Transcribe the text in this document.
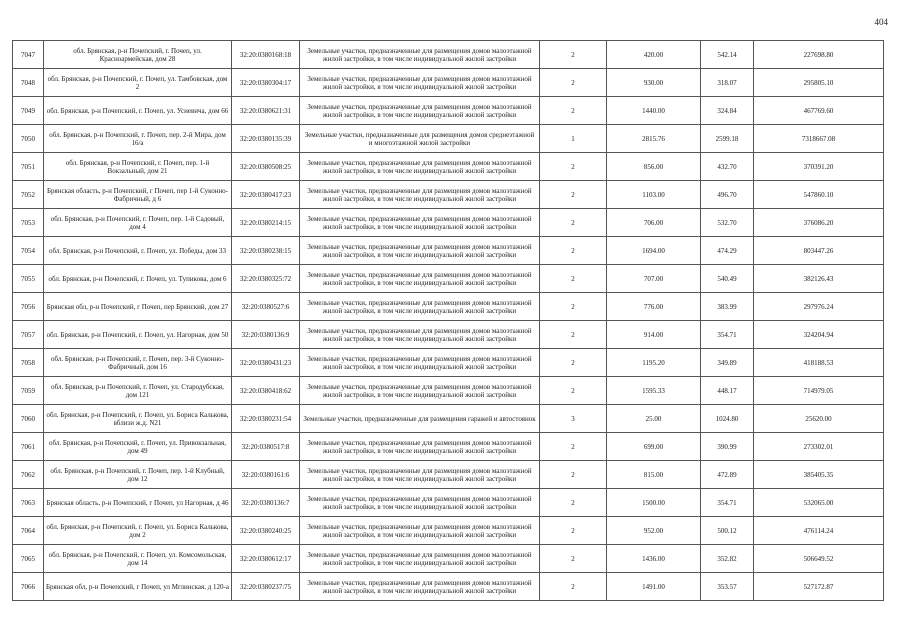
404
7047	обл. Брянская, р-н Почепский, г. Почеп, ул. Красноармейская, дом 28	32:20:0380168:18	Земельные участки, предназначенные для размещения домов малоэтажной жилой застройки, в том числе индивидуальной жилой застройки	2	420.00	542.14	227698.80
7048	обл. Брянская, р-н Почепский, г. Почеп, ул. Тамбовская, дом 2	32:20:0380304:17	Земельные участки, предназначенные для размещения домов малоэтажной жилой застройки, в том числе индивидуальной жилой застройки	2	930.00	318.07	295805.10
7049	обл. Брянская, р-н Почепский, г. Почеп, ул. Усиевича, дом 66	32:20:0380621:31	Земельные участки, предназначенные для размещения домов малоэтажной жилой застройки, в том числе индивидуальной жилой застройки	2	1440.00	324.84	467769.60
7050	обл. Брянская, р-н Почепский, г. Почеп, пер. 2-й Мира, дом 16/а	32:20:0380135:39	Земельные участки, предназначенные для размещения домов среднеэтажной и многоэтажной жилой застройки	1	2815.76	2599.18	7318667.08
7051	обл. Брянская, р-н Почепский, г. Почеп, пер. 1-й Вокзальный, дом 21	32:20:0380508:25	Земельные участки, предназначенные для размещения домов малоэтажной жилой застройки, в том числе индивидуальной жилой застройки	2	856.00	432.70	370391.20
7052	Брянская область, р-н Почепский, г Почеп, пер 1-й Суконно-Фабричный, д 6	32:20:0380417:23	Земельные участки, предназначенные для размещения домов малоэтажной жилой застройки, в том числе индивидуальной жилой застройки	2	1103.00	496.70	547860.10
7053	обл. Брянская, р-н Почепский, г. Почеп, пер. 1-й Садовый, дом 4	32:20:0380214:15	Земельные участки, предназначенные для размещения домов малоэтажной жилой застройки, в том числе индивидуальной жилой застройки	2	706.00	532.70	376086.20
7054	обл. Брянская, р-н Почепский, г. Почеп, ул. Победы, дом 33	32:20:0380238:15	Земельные участки, предназначенные для размещения домов малоэтажной жилой застройки, в том числе индивидуальной жилой застройки	2	1694.00	474.29	803447.26
7055	обл. Брянская, р-н Почепский, г. Почеп, ул. Тупикова, дом 6	32:20:0380325:72	Земельные участки, предназначенные для размещения домов малоэтажной жилой застройки, в том числе индивидуальной жилой застройки	2	707.00	540.49	382126.43
7056	Брянская обл, р-н Почепский, г Почеп, пер Брянский, дом 27	32:20:0380527:6	Земельные участки, предназначенные для размещения домов малоэтажной жилой застройки, в том числе индивидуальной жилой застройки	2	776.00	383.99	297976.24
7057	обл. Брянская, р-н Почепский, г. Почеп, ул. Нагорная, дом 50	32:20:0380136:9	Земельные участки, предназначенные для размещения домов малоэтажной жилой застройки, в том числе индивидуальной жилой застройки	2	914.00	354.71	324204.94
7058	обл. Брянская, р-н Почепский, г. Почеп, пер. 3-й Суконно-Фабричный, дом 16	32:20:0380431:23	Земельные участки, предназначенные для размещения домов малоэтажной жилой застройки, в том числе индивидуальной жилой застройки	2	1195.20	349.89	418188.53
7059	обл. Брянская, р-н Почепский, г. Почеп, ул. Стародубская, дом 121	32:20:0380418:62	Земельные участки, предназначенные для размещения домов малоэтажной жилой застройки, в том числе индивидуальной жилой застройки	2	1595.33	448.17	714979.05
7060	обл. Брянская, р-н Почепский, г. Почеп, ул. Бориса Калькова, вблизи ж.д. N21	32:20:0380231:54	Земельные участки, предназначенные для размещения гаражей и автостоянок	3	25.00	1024.80	25620.00
7061	обл. Брянская, р-н Почепский, г. Почеп, ул. Привокзальная, дом 49	32:20:0380517:8	Земельные участки, предназначенные для размещения домов малоэтажной жилой застройки, в том числе индивидуальной жилой застройки	2	699.00	390.99	273302.01
7062	обл. Брянская, р-н Почепский, г. Почеп, пер. 1-й Клубный, дом 12	32:20:0380161:6	Земельные участки, предназначенные для размещения домов малоэтажной жилой застройки, в том числе индивидуальной жилой застройки	2	815.00	472.89	385405.35
7063	Брянская область, р-н Почепский, г Почеп, ул Нагорная, д 46	32:20:0380136:7	Земельные участки, предназначенные для размещения домов малоэтажной жилой застройки, в том числе индивидуальной жилой застройки	2	1500.00	354.71	532065.00
7064	обл. Брянская, р-н Почепский, г. Почеп, ул. Бориса Калькова, дом 2	32:20:0380240:25	Земельные участки, предназначенные для размещения домов малоэтажной жилой застройки, в том числе индивидуальной жилой застройки	2	952.00	500.12	476114.24
7065	обл. Брянская, р-н Почепский, г. Почеп, ул. Комсомольская, дом 14	32:20:0380612:17	Земельные участки, предназначенные для размещения домов малоэтажной жилой застройки, в том числе индивидуальной жилой застройки	2	1436.00	352.82	506649.52
7066	Брянская обл, р-н Почепский, г Почеп, ул Мглинская, д 120-а	32:20:0380237:75	Земельные участки, предназначенные для размещения домов малоэтажной жилой застройки, в том числе индивидуальной жилой застройки	2	1491.00	353.57	527172.87
